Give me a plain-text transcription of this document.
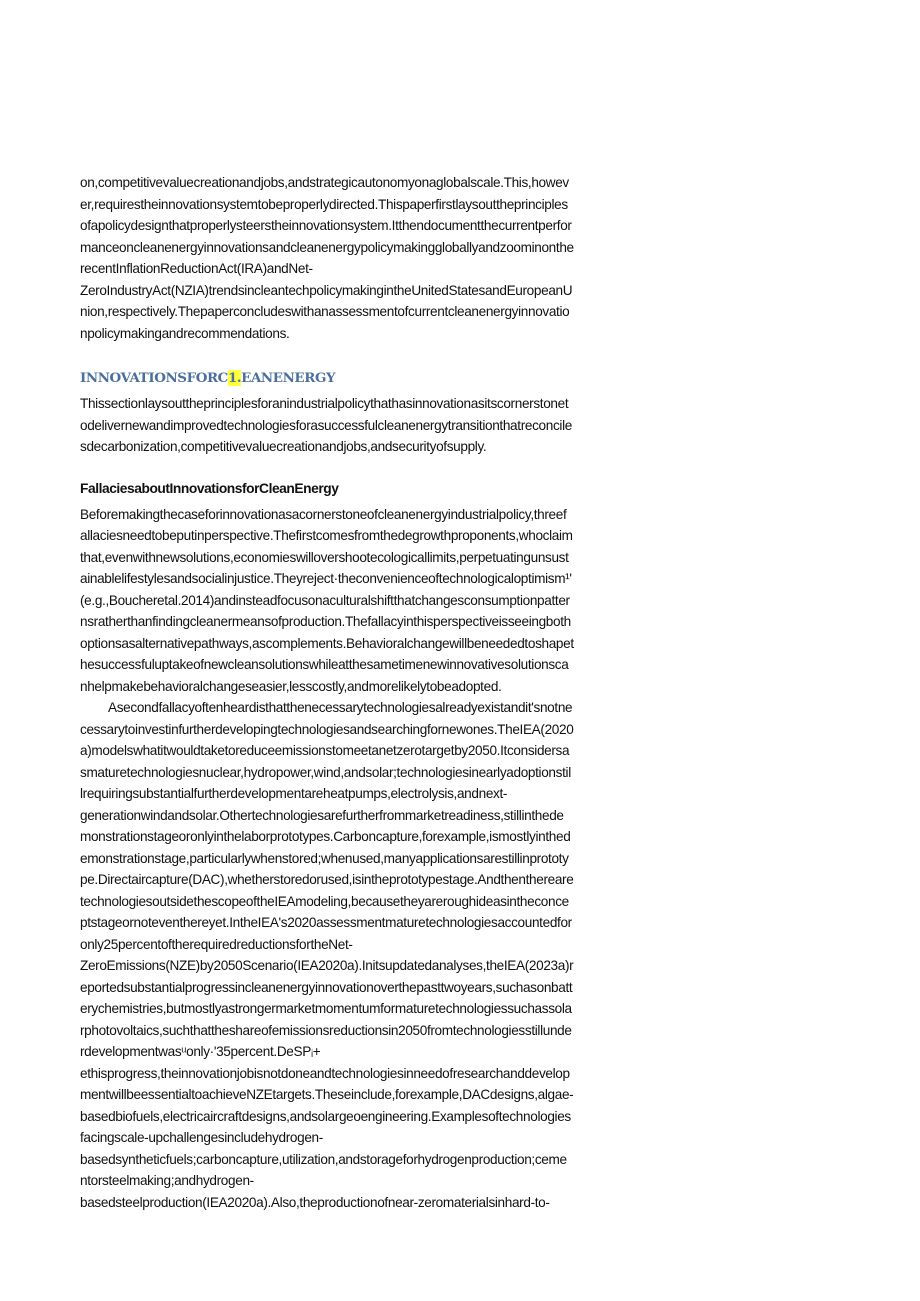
on,competitivevaluecreationandjobs,andstrategicautonomyonaglobalscale.This,howev
er,requirestheinnovationsystemtobeproperlydirected.Thispaperfirstlaysouttheprinciples
ofapolicydesignthatproperlysteerstheinnovationsystem.Itthendocumentthecurrentperfor
manceoncleanenergyinnovationsandcleanenergypolicymakinggloballyandzoominonthe
recentInflationReductionAct(IRA)andNet-
ZeroIndustryAct(NZIA)trendsincleantechpolicymakingintheUnitedStatesandEuropeanU
nion,respectively.Thepaperconcludeswithanassessmentofcurrentcleanenergyinnovatio
npolicymakingandrecommendations.
INNOVATIONSFORC1.EANENERGY
Thissectionlaysouttheprinciplesforanindustrialpolicythathasinnovationasitscornerstonet
odelivernewandimprovedtechnologiesforasuccessfulcleanenergytransitionthatreconcile
sdecarbonization,competitivevaluecreationandjobs,andsecurityofsupply.
FallaciesaboutInnovationsforCleanEnergy
Beforemakingthecaseforinnovationasacornerstoneofcleanenergyindustrialpolicy,threef
allaciesneedtobeputinperspective.Thefirstcomesfromthedegrowthproponents,whoclaim
that,evenwithnewsolutions,economieswillovershootecologicallimits,perpetuatingunsust
ainablelifestylesandsocialinjustice.Theyreject·theconvenienceoftechnologicaloptimism¹'
(e.g.,Boucheretal.2014)andinsteadfocusonaculturalshiftthatchangesconsumptionpatter
nsratherthanfindingcleanermeansofproduction.Thefallacyinthisperspectiveisseeingboth
optionsasalternativepathways,ascomplements.Behavioralchangewillbeneededtoshapet
hesuccessfuluptakeofnewcleansolutionswhileatthesametimenewinnovativesolutionsca
nhelpmakebehavioralchangeseasier,lesscostly,andmorelikelytobeadopted.
Asecondfallacyoftenheardisthatthenecessarytechnologiesalreadyexistandit'snotne
cessarytoinvestinfurtherdevelopingtechnologiesandsearchingfornewones.TheIEA(2020
a)modelswhatitwouldtaketoreduceemissionstomeetanetzerotargetby2050.Itconsidersa
smaturetechnologiesnuclear,hydropower,wind,andsolar;technologiesinearlyadoptionstil
lrequiringsubstantialfurtherdevelopmentareheatpumps,electrolysis,andnext-
generationwindandsolar.Othertechnologiesarefurtherfrommarketreadiness,stillinthede
monstrationstageoronlyinthelaborprototypes.Carboncapture,forexample,ismostlyinthed
emonstrationstage,particularlywhenstored;whenused,manyapplicationsarestillinprototy
pe.Directaircapture(DAC),whetherstoredorused,isintheprototypestage.Andthenthereare
technologiesoutsidethescopeoftheIEAmodeling,becausetheyareroughideasintheconce
ptstageornoteventhereyet.IntheIEA's2020assessmentmaturetechnologiesaccountedfor
only25percentoftherequiredreductionsfortheNet-
ZeroEmissions(NZE)by2050Scenario(IEA2020a).Initsupdatedanalyses,theIEA(2023a)r
eportedsubstantialprogressincleanenergyinnovationoverthepasttwoyears,suchasonbatt
erychemistries,butmostlyastrongermarketmomentumformaturetechnologiessuchassola
rphotovoltaics,suchthattheshareofemissionsreductionsin2050fromtechnologiesstillunde
rdevelopmentwasᵘonly·'35percent.DeSPᵢ+
ethisprogress,theinnovationjobisnotdoneandtechnologiesinneedofresearchanddevelop
mentwillbeessentialtoachieveNZEtargets.Theseinclude,forexample,DACdesigns,algae-
basedbiofuels,electricaircraftdesigns,andsolargeoengineering.Examplesoftechnologies
facingscale-upchallengesincludehydrogen-
basedsyntheticfuels;carboncapture,utilization,andstorageforhydrogenproduction;ceme
ntorsteelmaking;andhydrogen-
basedsteelproduction(IEA2020a).Also,theproductionofnear-zeromaterialsinhard-to-
